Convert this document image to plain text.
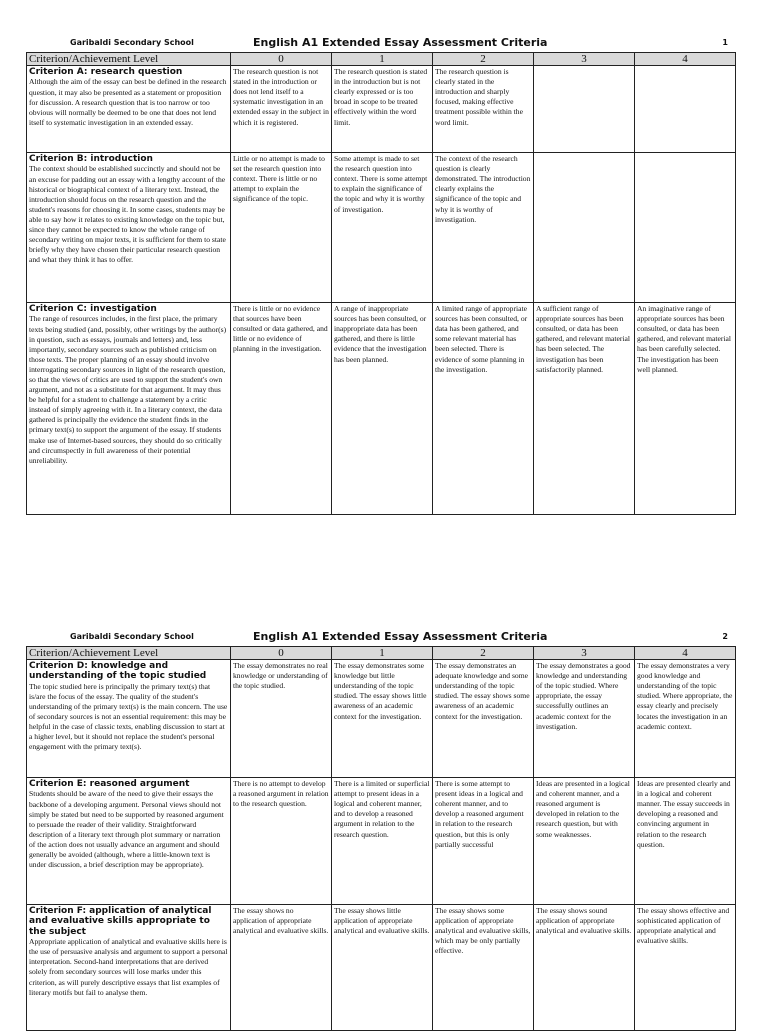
Garibaldi Secondary School	English A1 Extended Essay Assessment Criteria	1
Criterion/Achievement Level	0	1	2	3	4

Criterion A: research question
Although the aim of the essay can best be defined in the research question, it may also be presented as a statement or proposition for discussion. A research question that is too narrow or too obvious will normally be deemed to be one that does not lend itself to systematic investigation in an extended essay.	The research question is not stated in the introduction or does not lend itself to a systematic investigation in an extended essay in the subject in which it is registered.	The research question is stated in the introduction but is not clearly expressed or is too broad in scope to be treated effectively within the word limit.	The research question is clearly stated in the introduction and sharply focused, making effective treatment possible within the word limit.		

Criterion B: introduction
The context should be established succinctly and should not be an excuse for padding out an essay with a lengthy account of the historical or biographical context of a literary text. Instead, the introduction should focus on the research question and the student's reasons for choosing it. In some cases, students may be able to say how it relates to existing knowledge on the topic but, since they cannot be expected to know the whole range of secondary writing on major texts, it is sufficient for them to state briefly why they have chosen their particular research question and what they think it has to offer.	Little or no attempt is made to set the research question into context. There is little or no attempt to explain the significance of the topic.	Some attempt is made to set the research question into context. There is some attempt to explain the significance of the topic and why it is worthy of investigation.	The context of the research question is clearly demonstrated. The introduction clearly explains the significance of the topic and why it is worthy of investigation.		

Criterion C: investigation
The range of resources includes, in the first place, the primary texts being studied (and, possibly, other writings by the author(s) in question, such as essays, journals and letters) and, less importantly, secondary sources such as published criticism on those texts. The proper planning of an essay should involve interrogating secondary sources in light of the research question, so that the views of critics are used to support the student's own argument, and not as a substitute for that argument. It may thus be helpful for a student to challenge a statement by a critic instead of simply agreeing with it. In a literary context, the data gathered is principally the evidence the student finds in the primary text(s) to support the argument of the essay. If students make use of Internet-based sources, they should do so critically and circumspectly in full awareness of their potential unreliability.	There is little or no evidence that sources have been consulted or data gathered, and little or no evidence of planning in the investigation.	A range of inappropriate sources has been consulted, or inappropriate data has been gathered, and there is little evidence that the investigation has been planned.	A limited range of appropriate sources has been consulted, or data has been gathered, and some relevant material has been selected. There is evidence of some planning in the investigation.	A sufficient range of appropriate sources has been consulted, or data has been gathered, and relevant material has been selected. The investigation has been satisfactorily planned.	An imaginative range of appropriate sources has been consulted, or data has been gathered, and relevant material has been carefully selected. The investigation has been well planned.
Garibaldi Secondary School	English A1 Extended Essay Assessment Criteria	2
Criterion/Achievement Level	0	1	2	3	4

Criterion D: knowledge and understanding of the topic studied
The topic studied here is principally the primary text(s) that is/are the focus of the essay. The quality of the student's understanding of the primary text(s) is the main concern. The use of secondary sources is not an essential requirement: this may be helpful in the case of classic texts, enabling discussion to start at a higher level, but it should not replace the student's personal engagement with the primary text(s).	The essay demonstrates no real knowledge or understanding of the topic studied.	The essay demonstrates some knowledge but little understanding of the topic studied. The essay shows little awareness of an academic context for the investigation.	The essay demonstrates an adequate knowledge and some understanding of the topic studied. The essay shows some awareness of an academic context for the investigation.	The essay demonstrates a good knowledge and understanding of the topic studied. Where appropriate, the essay successfully outlines an academic context for the investigation.	The essay demonstrates a very good knowledge and understanding of the topic studied. Where appropriate, the essay clearly and precisely locates the investigation in an academic context.

Criterion E: reasoned argument
Students should be aware of the need to give their essays the backbone of a developing argument. Personal views should not simply be stated but need to be supported by reasoned argument to persuade the reader of their validity. Straightforward description of a literary text through plot summary or narration of the action does not usually advance an argument and should generally be avoided (although, where a little-known text is under discussion, a brief description may be appropriate).	There is no attempt to develop a reasoned argument in relation to the research question.	There is a limited or superficial attempt to present ideas in a logical and coherent manner, and to develop a reasoned argument in relation to the research question.	There is some attempt to present ideas in a logical and coherent manner, and to develop a reasoned argument in relation to the research question, but this is only partially successful	Ideas are presented in a logical and coherent manner, and a reasoned argument is developed in relation to the research question, but with some weaknesses.	Ideas are presented clearly and in a logical and coherent manner. The essay succeeds in developing a reasoned and convincing argument in relation to the research question.

Criterion F: application of analytical and evaluative skills appropriate to the subject
Appropriate application of analytical and evaluative skills here is the use of persuasive analysis and argument to support a personal interpretation. Second-hand interpretations that are derived solely from secondary sources will lose marks under this criterion, as will purely descriptive essays that list examples of literary motifs but fail to analyse them.	The essay shows no application of appropriate analytical and evaluative skills.	The essay shows little application of appropriate analytical and evaluative skills.	The essay shows some application of appropriate analytical and evaluative skills, which may be only partially effective.	The essay shows sound application of appropriate analytical and evaluative skills.	The essay shows effective and sophisticated application of appropriate analytical and evaluative skills.
